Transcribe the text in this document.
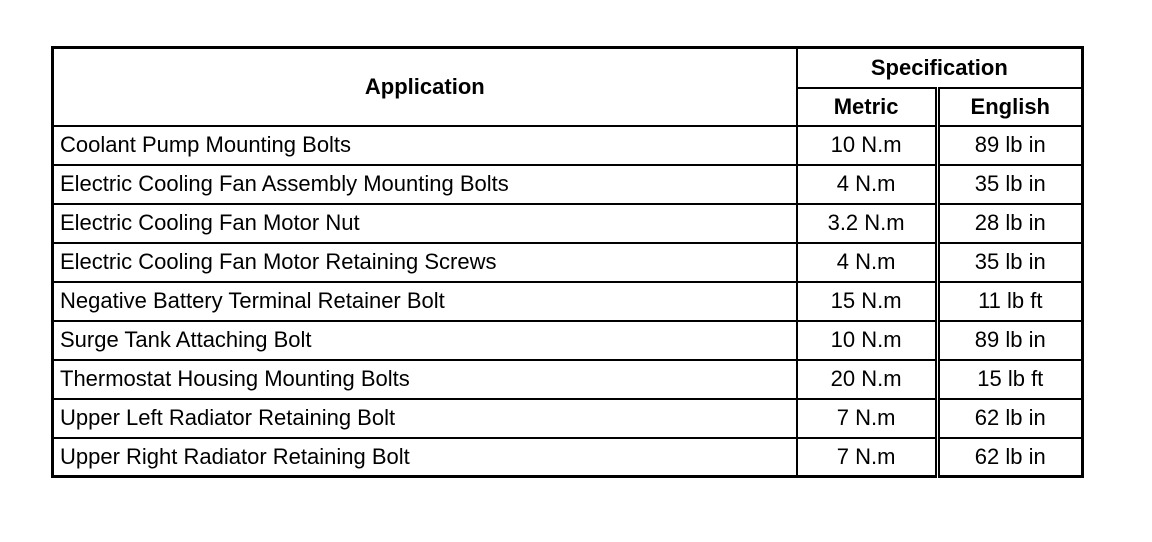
Application	Specification	
	Metric	English
Coolant Pump Mounting Bolts	10 N.m	89 lb in
Electric Cooling Fan Assembly Mounting Bolts	4 N.m	35 lb in
Electric Cooling Fan Motor Nut	3.2 N.m	28 lb in
Electric Cooling Fan Motor Retaining Screws	4 N.m	35 lb in
Negative Battery Terminal Retainer Bolt	15 N.m	11 lb ft
Surge Tank Attaching Bolt	10 N.m	89 lb in
Thermostat Housing Mounting Bolts	20 N.m	15 lb ft
Upper Left Radiator Retaining Bolt	7 N.m	62 lb in
Upper Right Radiator Retaining Bolt	7 N.m	62 lb in
